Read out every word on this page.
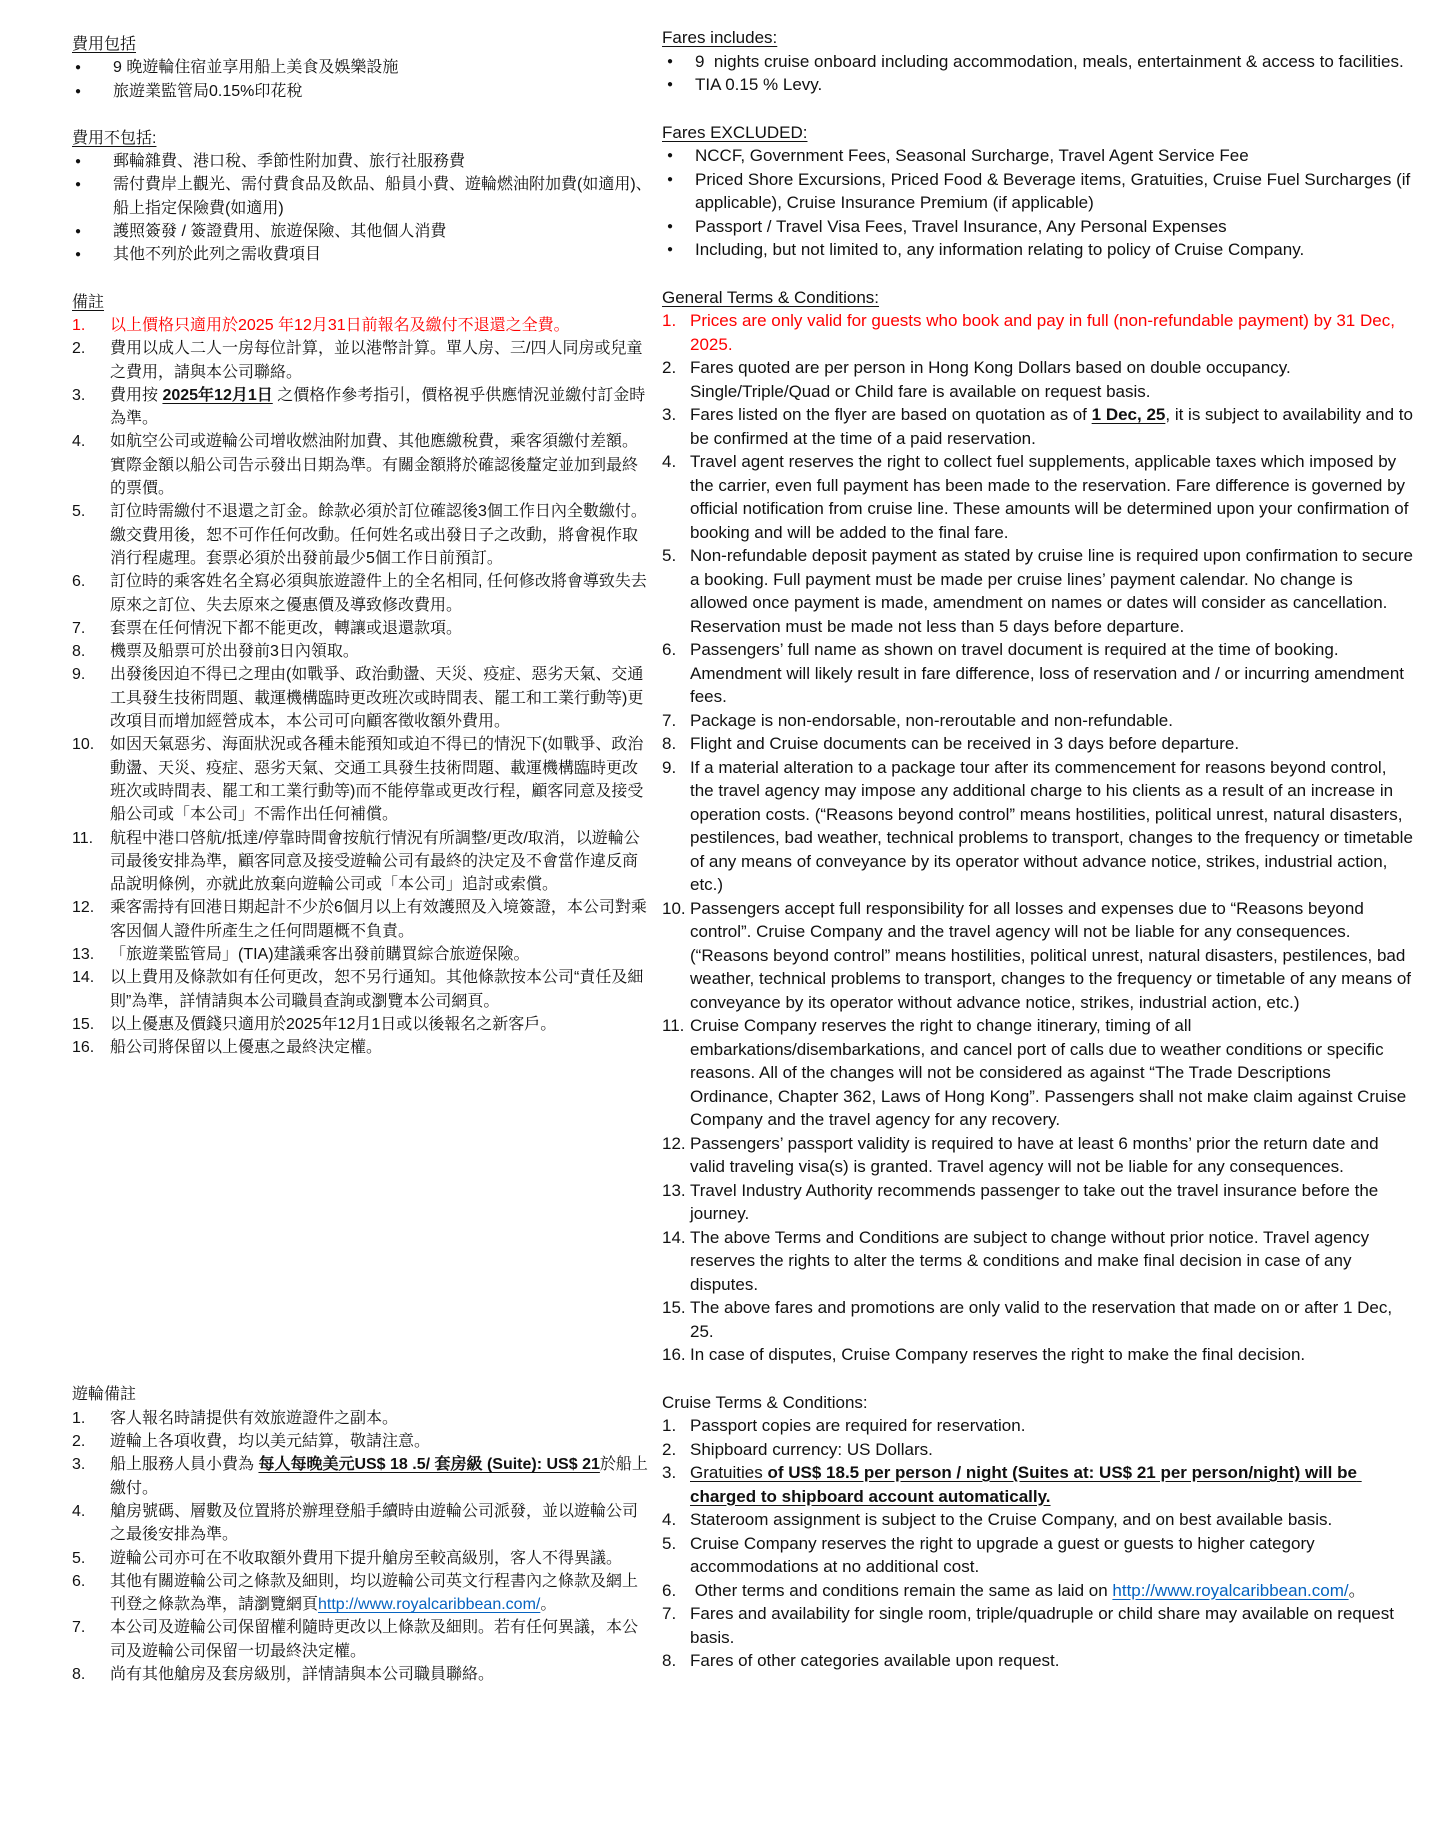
費用包括
●	9 晚遊輪住宿並享用船上美食及娛樂設施
●	旅遊業監管局0.15%印花稅
費用不包括:
●	郵輪雜費、港口稅、季節性附加費、旅行社服務費
●	需付費岸上觀光、需付費食品及飲品、船員小費、遊輪燃油附加費(如適用)、船上指定保險費(如適用)
●	護照簽發 / 簽證費用、旅遊保險、其他個人消費
●	其他不列於此列之需收費項目
備註
1.	以上價格只適用於2025 年12月31日前報名及繳付不退還之全費。
2.	費用以成人二人一房每位計算，並以港幣計算。單人房、三/四人同房或兒童之費用，請與本公司聯絡。
3.	費用按 2025年12月1日 之價格作參考指引，價格視乎供應情況並繳付訂金時為準。
4.	如航空公司或遊輪公司增收燃油附加費、其他應繳稅費，乘客須繳付差額。實際金額以船公司告示發出日期為準。有關金額將於確認後釐定並加到最終的票價。
5.	訂位時需繳付不退還之訂金。餘款必須於訂位確認後3個工作日內全數繳付。繳交費用後，恕不可作任何改動。任何姓名或出發日子之改動，將會視作取消行程處理。套票必須於出發前最少5個工作日前預訂。
6.	訂位時的乘客姓名全寫必須與旅遊證件上的全名相同, 任何修改將會導致失去原來之訂位、失去原來之優惠價及導致修改費用。
7.	套票在任何情況下都不能更改，轉讓或退還款項。
8.	機票及船票可於出發前3日內領取。
9.	出發後因迫不得已之理由(如戰爭、政治動盪、天災、疫症、惡劣天氣、交通工具發生技術問題、載運機構臨時更改班次或時間表、罷工和工業行動等)更改項目而增加經營成本，本公司可向顧客徵收額外費用。
10. 如因天氣惡劣、海面狀況或各種未能預知或迫不得已的情況下(如戰爭、政治動盪、天災、疫症、惡劣天氣、交通工具發生技術問題、載運機構臨時更改班次或時間表、罷工和工業行動等)而不能停靠或更改行程，顧客同意及接受船公司或「本公司」不需作出任何補償。
11.	航程中港口啓航/抵達/停靠時間會按航行情況有所調整/更改/取消，以遊輪公司最後安排為準，顧客同意及接受遊輪公司有最終的決定及不會當作違反商品說明條例，亦就此放棄向遊輪公司或「本公司」追討或索償。
12. 乘客需持有回港日期起計不少於6個月以上有效護照及入境簽證，本公司對乘客因個人證件所產生之任何問題概不負責。
13. 「旅遊業監管局」(TIA)建議乘客出發前購買綜合旅遊保險。
14. 以上費用及條款如有任何更改，恕不另行通知。其他條款按本公司“責任及細則”為準，詳情請與本公司職員查詢或瀏覽本公司網頁。
15. 以上優惠及價錢只適用於2025年12月1日或以後報名之新客戶。
16. 船公司將保留以上優惠之最終決定權。
遊輪備註
1.	客人報名時請提供有效旅遊證件之副本。
2.	遊輪上各項收費，均以美元結算，敬請注意。
3.	船上服務人員小費為 每人每晚美元US$ 18 .5/ 套房級 (Suite): US$ 21於船上繳付。
4.	艙房號碼、層數及位置將於辦理登船手續時由遊輪公司派發，並以遊輪公司之最後安排為準。
5.	遊輪公司亦可在不收取額外費用下提升艙房至較高級別，客人不得異議。
6.	其他有關遊輪公司之條款及細則，均以遊輪公司英文行程書內之條款及網上刊登之條款為準，請瀏覽網頁http://www.royalcaribbean.com/。
7.	本公司及遊輪公司保留權利隨時更改以上條款及細則。若有任何異議，本公司及遊輪公司保留一切最終決定權。
8.	尚有其他艙房及套房級別，詳情請與本公司職員聯絡。
Fares includes:
●	9  nights cruise onboard including accommodation, meals, entertainment & access to facilities.
●	TIA 0.15 % Levy.
Fares EXCLUDED:
●	NCCF, Government Fees, Seasonal Surcharge, Travel Agent Service Fee
●	Priced Shore Excursions, Priced Food & Beverage items, Gratuities, Cruise Fuel Surcharges (if applicable), Cruise Insurance Premium (if applicable)
●	Passport / Travel Visa Fees, Travel Insurance, Any Personal Expenses
●	Including, but not limited to, any information relating to policy of Cruise Company.
General Terms & Conditions:
1. Prices are only valid for guests who book and pay in full (non-refundable payment) by 31 Dec, 2025.
2. Fares quoted are per person in Hong Kong Dollars based on double occupancy. Single/Triple/Quad or Child fare is available on request basis.
3. Fares listed on the flyer are based on quotation as of 1 Dec, 25, it is subject to availability and to be confirmed at the time of a paid reservation.
4. Travel agent reserves the right to collect fuel supplements, applicable taxes which imposed by the carrier, even full payment has been made to the reservation. Fare difference is governed by official notification from cruise line. These amounts will be determined upon your confirmation of booking and will be added to the final fare.
5. Non-refundable deposit payment as stated by cruise line is required upon confirmation to secure a booking. Full payment must be made per cruise lines’ payment calendar. No change is allowed once payment is made, amendment on names or dates will consider as cancellation. Reservation must be made not less than 5 days before departure.
6. Passengers’ full name as shown on travel document is required at the time of booking. Amendment will likely result in fare difference, loss of reservation and / or incurring amendment fees.
7. Package is non-endorsable, non-reroutable and non-refundable.
8. Flight and Cruise documents can be received in 3 days before departure.
9. If a material alteration to a package tour after its commencement for reasons beyond control, the travel agency may impose any additional charge to his clients as a result of an increase in operation costs. (“Reasons beyond control” means hostilities, political unrest, natural disasters, pestilences, bad weather, technical problems to transport, changes to the frequency or timetable of any means of conveyance by its operator without advance notice, strikes, industrial action, etc.)
10. Passengers accept full responsibility for all losses and expenses due to “Reasons beyond control”. Cruise Company and the travel agency will not be liable for any consequences. (“Reasons beyond control” means hostilities, political unrest, natural disasters, pestilences, bad weather, technical problems to transport, changes to the frequency or timetable of any means of conveyance by its operator without advance notice, strikes, industrial action, etc.)
11. Cruise Company reserves the right to change itinerary, timing of all embarkations/disembarkations, and cancel port of calls due to weather conditions or specific reasons. All of the changes will not be considered as against “The Trade Descriptions Ordinance, Chapter 362, Laws of Hong Kong”. Passengers shall not make claim against Cruise Company and the travel agency for any recovery.
12. Passengers’ passport validity is required to have at least 6 months’ prior the return date and valid traveling visa(s) is granted. Travel agency will not be liable for any consequences.
13. Travel Industry Authority recommends passenger to take out the travel insurance before the journey.
14. The above Terms and Conditions are subject to change without prior notice. Travel agency reserves the rights to alter the terms & conditions and make final decision in case of any disputes.
15. The above fares and promotions are only valid to the reservation that made on or after 1 Dec, 25.
16. In case of disputes, Cruise Company reserves the right to make the final decision.
Cruise Terms & Conditions:
1. Passport copies are required for reservation.
2. Shipboard currency: US Dollars.
3. Gratuities of US$ 18.5 per person / night (Suites at: US$ 21 per person/night) will be charged to shipboard account automatically.
4. Stateroom assignment is subject to the Cruise Company, and on best available basis.
5. Cruise Company reserves the right to upgrade a guest or guests to higher category accommodations at no additional cost.
6. Other terms and conditions remain the same as laid on http://www.royalcaribbean.com/。
7. Fares and availability for single room, triple/quadruple or child share may available on request basis.
8. Fares of other categories available upon request.
